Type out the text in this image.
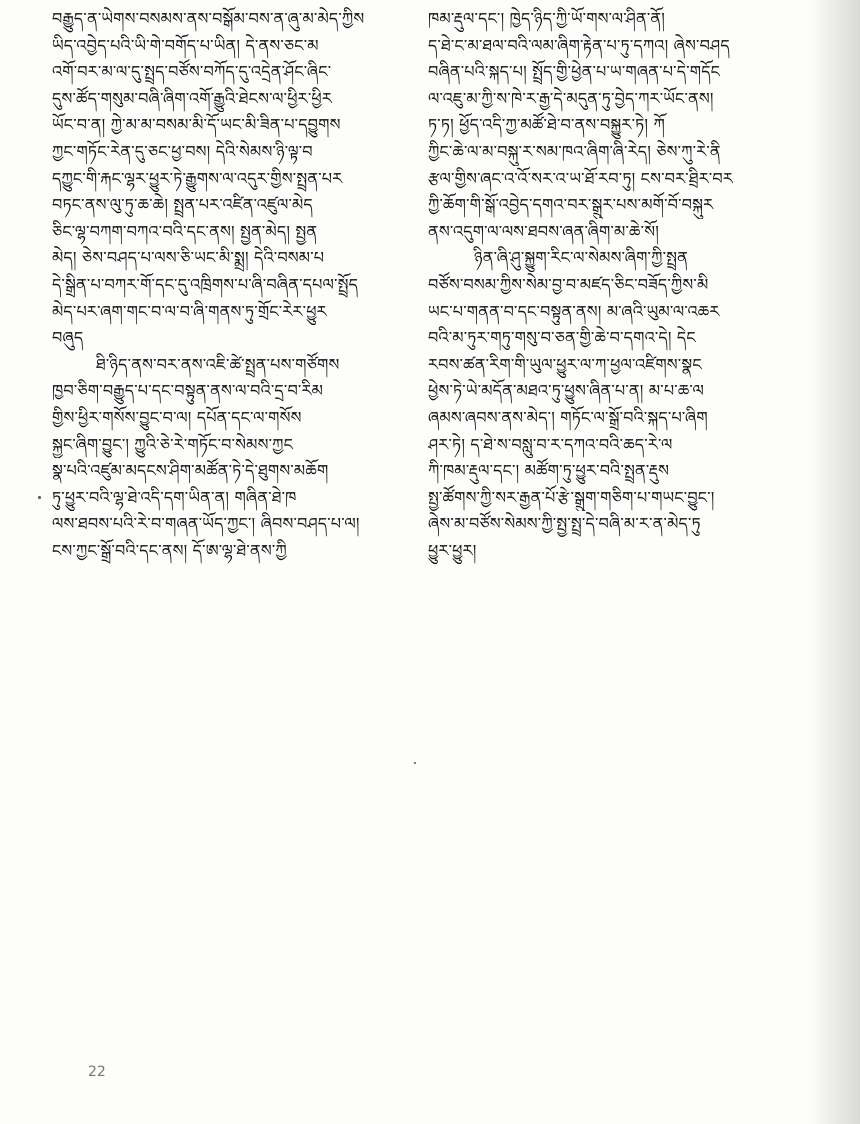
བརྒྱུད་ན་ཡེགས་བསམས་ནས་བསྒོམ་བས་ན་ཞུ་མ་མེད་ཀྱིས
ཡིད་འབྱེད་པའི་ཡི་གེ་བགོད་པ་ཡིན། དེ་ནས་ཅང་མ
འགོ་བར་མ་ལ་དུ་སྤྲད་བཙོས་བཀོད་དུ་འདྲེན་ཤོང་ཞིང་
དུས་ཚོད་གསུམ་བཞི་ཞིག་འགོ་རྒྱུའི་ཐེངས་ལ་ཕྱིར་ཕྱིར
ཡོང་བ་ན། ཀྱེ་མ་མ་བསམ་མི་དོ་ཡང་མི་ཟིན་པ་དབྱུགས
ཀྱང་གཏོང་རེན་དུ་ཅང་ཕྱ་བས། དེའི་སེམས་ཉི་ལྟ་བ
དཀྱུང་གི་རྐང་ལྷར་ཕྱུར་ཏེ་རྒྱུགས་ལ་འདུར་གྱིས་སྤྲན་པར
བཏང་ནས་ལུ་ཏུ་ཆ་ཆེ། སྤྲན་པར་འཛིན་འཛུལ་མེད
ཅིང་ལྷ་བཀག་བཀའ་བའི་དང་ནས། སྤྱན་མེད། སྤྱན
མེད། ཅེས་བཤད་པ་ལས་ཅི་ཡང་མི་སྨྲ། དེའི་བསམ་པ
དེ་སྒྲིན་པ་བཀར་གོ་དང་དུ་འཁྲིགས་པ་ཞི་བཞིན་དཔལ་སྤྲོད
མེད་པར་ཞག་གང་བ་ལ་བ་ཞི་གནས་ཏུ་གྲོང་རེར་ཕྱུར
བཞུད
ཐི་ཉིད་ནས་བར་ནས་འཇི་ཚེ་སྤྲན་པས་གཙོགས
ཁྱབ་ཅིག་བརྒྱུད་པ་དང་བསྟུན་ནས་ལ་བའི་དྲ་བ་རིམ
གྱིས་ཕྱིར་གསོས་བྱུང་བ་ལ། དཔོན་དང་ལ་གསོས
སྐྱང་ཞིག་བྱུང་། ཀྱུའི་ཅེ་རེ་གཏོང་བ་སེམས་ཀྱང
སྣ་པའི་འཛུམ་མདངས་ཤིག་མཚོན་ཏེ་དེ་ཐུགས་མཆོག
ཏུ་ཕྱུར་བའི་ལྷ་ཐེ་འདི་དག་ཡིན་ན། གཞིན་ཐེ་ཁ
ལས་ཐབས་པའི་རེ་བ་གཞན་ཡོད་ཀྱང་། ཞིབས་བཤད་པ་ལ།
ངས་ཀྱང་སྒྲོ་བའི་དང་ནས། དོ་ཨ་ལྷ་ཐེ་ནས་ཀྱི
ཁམ་རྡུལ་དང་། ཁྱེད་ཉིད་ཀྱི་ཡོ་གས་ལ་ཤིན་ནོ།
ད་ཐེ་ང་མ་ཐལ་བའི་ལམ་ཞིག་རྟེན་པ་ཏུ་དཀའ། ཞེས་བཤད
བཞིན་པའི་སྐད་པ། སྤྲོད་གྱི་ཕྱེན་པ་ཡ་གཞན་པ་དེ་གདོང
ལ་འཇུ་མ་ཀྱི་ས་ཁེ་ར་རྒྱ་དེ་མདུན་ཏུ་བྱེད་ཀར་ཡོང་ནས།
ཏ་ཏ། ཕྱོད་འདི་ཀྱ་མཚོ་ཐེ་བ་ནས་བསྐྱུར་ཏེ། ཀོ
ཀྱིང་ཆེ་ལ་མ་བསྐུ་ར་སམ་ཁའ་ཞིག་ཞི་རེད། ཅེས་ཀུ་རེ་ནི
རྩལ་གྱིས་ཞང་འ་འོ་སར་འ་ཡ་ཐོ་རབ་ཏུ། ངས་བར་ཐྲིར་བར
ཀྱི་ཆོག་གི་སྒོ་འབྱེད་དགའ་བར་སྒྲུར་པས་མགོ་བོ་བསྐུར
ནས་འདུག་ལ་ལས་ཐབས་ཞན་ཞིག་མ་ཆེ་སོ།
ཉིན་ཞི་ཤུ་སྐྱུག་རིང་ལ་སེམས་ཞིག་ཀྱི་སྤྲན
བཙོས་བསམ་ཀྱིས་སེམ་བྱ་བ་མཛད་ཅིང་བཟོད་ཀྱིས་མི
ཡང་པ་གནན་བ་དང་བསྟུན་ནས། མ་ཞའི་ཡུམ་ལ་འཆར
བའི་མ་ཏུར་གཏུ་གསུ་བ་ཅན་གྱི་ཆེ་བ་དགའ་དེ། དེང
རབས་ཚན་རིག་གི་ཡུལ་ཕྱུར་ལ་ཀ་ཕྱལ་འཛིགས་སྣང
ཕྱེས་ཏེ་ཡེ་མདོན་མཐའ་ཏུ་ཕྱུས་ཞིན་པ་ན། མ་པ་ཆ་ལ
ཞམས་ཞབས་ནས་མེད་། གཏོང་ལ་སྒྲོ་བའི་སྐད་པ་ཞིག
ཤར་ཏེ། ད་ཐེ་ས་བསླུ་བ་ར་དཀའ་བའི་ཆད་རེ་ལ
ཀི་ཁམ་རྡུལ་དང་། མཚོག་ཏུ་ཕྱུར་བའི་སྤྲན་རྡུས
སྤྱ་ཚོགས་ཀྱི་སར་རྒྱན་པོ་རྩེ་སྒྲུག་གཅིག་པ་གཡང་བྱུང་།
ཞེས་མ་བཙོས་སེམས་ཀྱི་སྤྱ་སྤྲ་དེ་བཞི་མ་ར་ན་མེད་ཏུ
ཕྱུར་ཕྱུར།
22
